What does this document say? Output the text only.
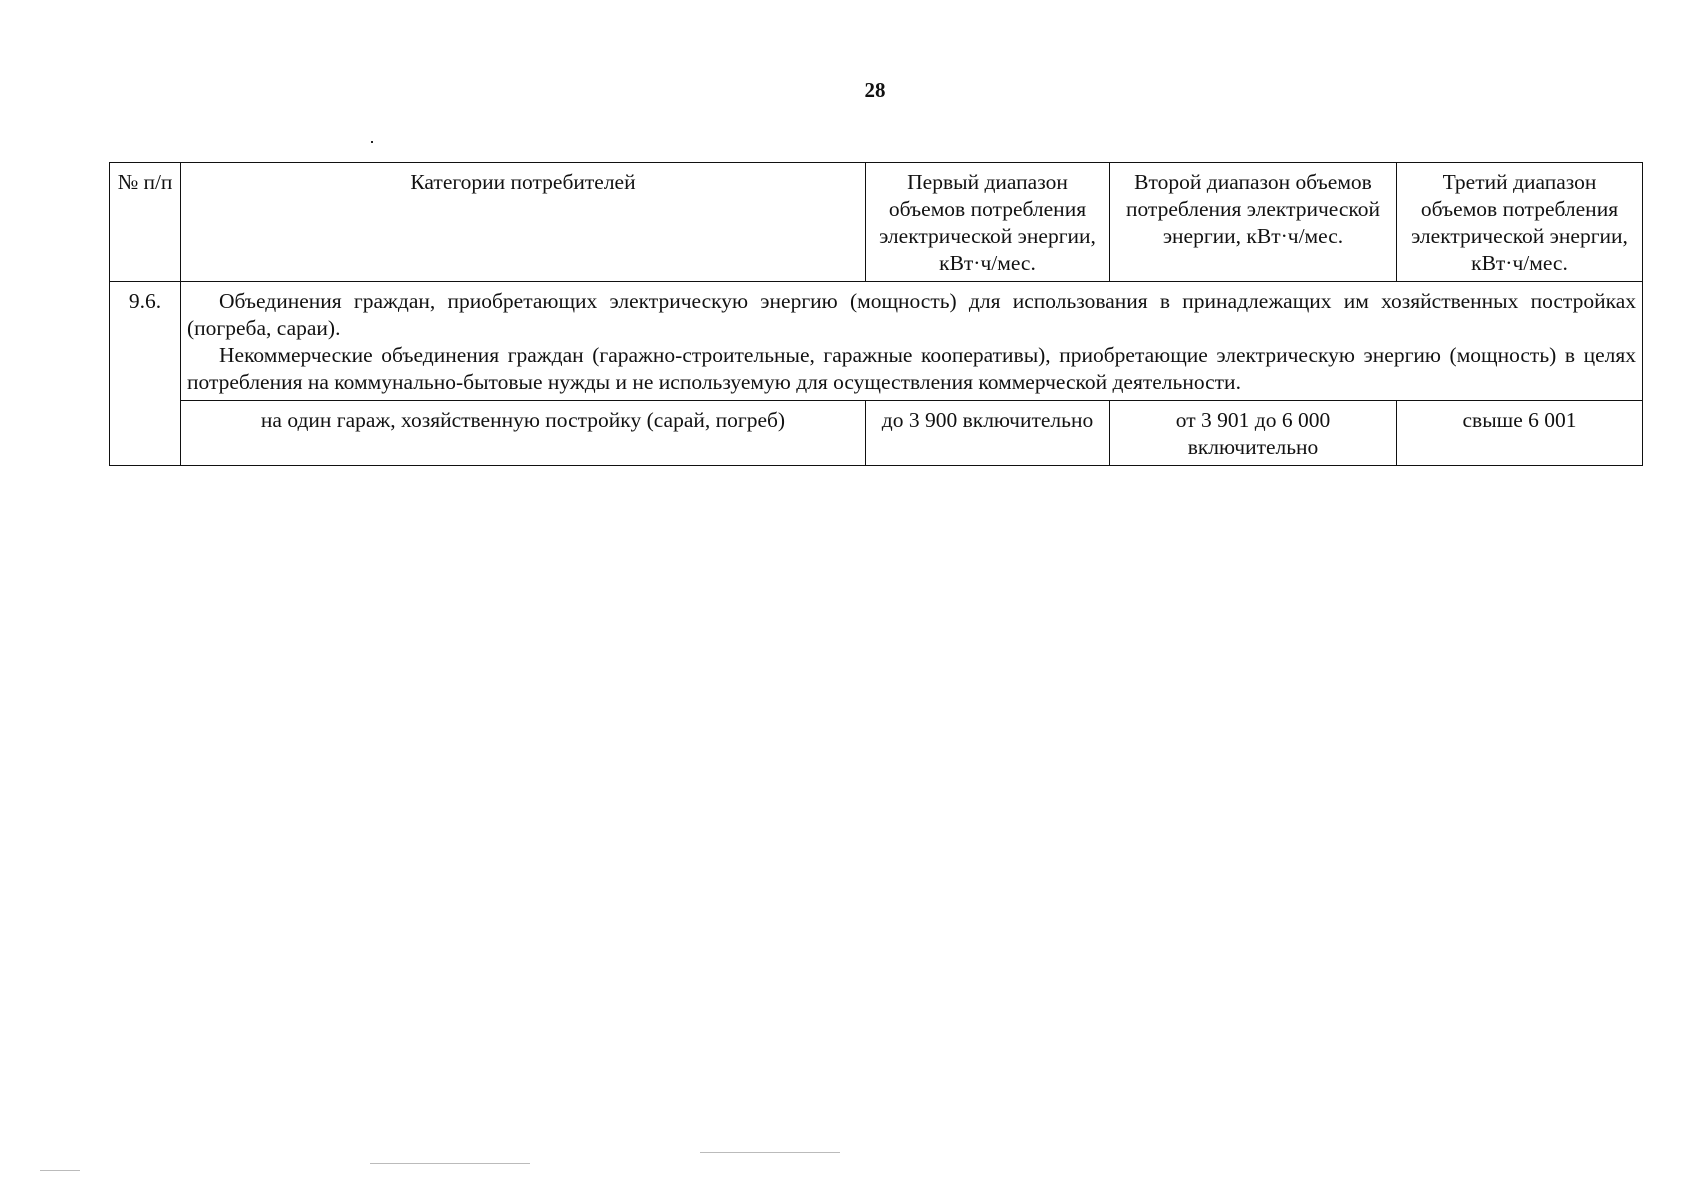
28
№ п/п	Категории потребителей	Первый диапазон объемов потребления электрической энергии, кВт·ч/мес.	Второй диапазон объемов потребления электрической энергии, кВт·ч/мес.	Третий диапазон объемов потребления электрической энергии, кВт·ч/мес.
9.6.	Объединения граждан, приобретающих электрическую энергию (мощность) для использования в принадлежащих им хозяйственных постройках (погреба, сараи).

Некоммерческие объединения граждан (гаражно-строительные, гаражные кооперативы), приобретающие электрическую энергию (мощность) в целях потребления на коммунально-бытовые нужды и не используемую для осуществления коммерческой деятельности.			

	на один гараж, хозяйственную постройку (сарай, погреб)	до 3 900 включительно	от 3 901 до 6 000 включительно	свыше 6 001
